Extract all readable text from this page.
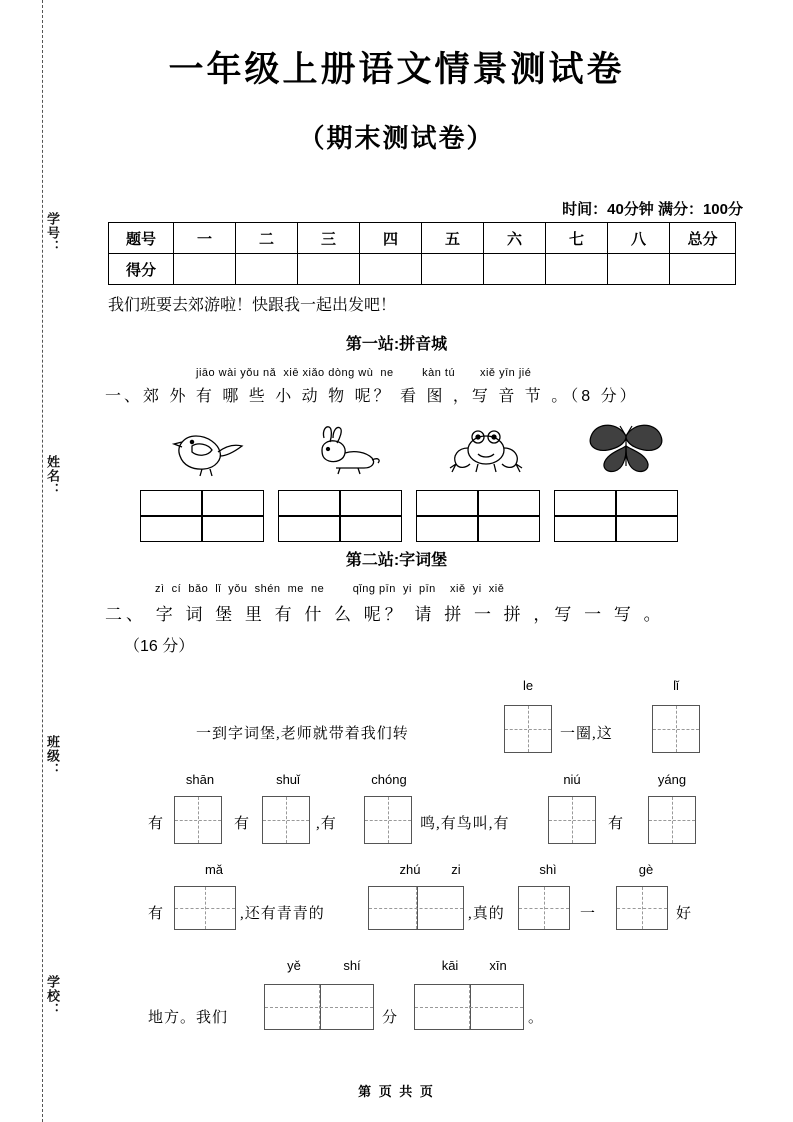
学号：
姓名：
班级：
学校：
一年级上册语文情景测试卷
（期末测试卷）
时间：40分钟 满分：100分
题号	一	二	三	四	五	六	七	八	总分
得分									
我们班要去郊游啦！快跟我一起出发吧！
第一站:拼音城
jiāo wài yǒu nǎ  xiē xiǎo dòng wù  ne        kàn tú       xiě yīn jié
一、郊 外 有 哪 些 小 动 物 呢？ 看 图 ，写 音 节 。（8 分）
第二站:字词堡
zì  cí  bǎo  lǐ  yǒu  shén  me  ne        qǐng pīn  yi  pīn    xiě  yi  xiě
二、 字 词 堡 里 有 什 么 呢？ 请 拼 一 拼 ，写 一 写 。
（16 分）
le	lǐ
一到字词堡,老师就带着我们转	一圈,这
shān	shuǐ	chóng	niú	yáng
有	有	,有	鸣,有鸟叫,有	有
mǎ	zhú	zi	shì	gè
有	,还有青青的	,真的	一	好
yě	shí	kāi	xīn
地方。我们	分	。
第 页 共 页
